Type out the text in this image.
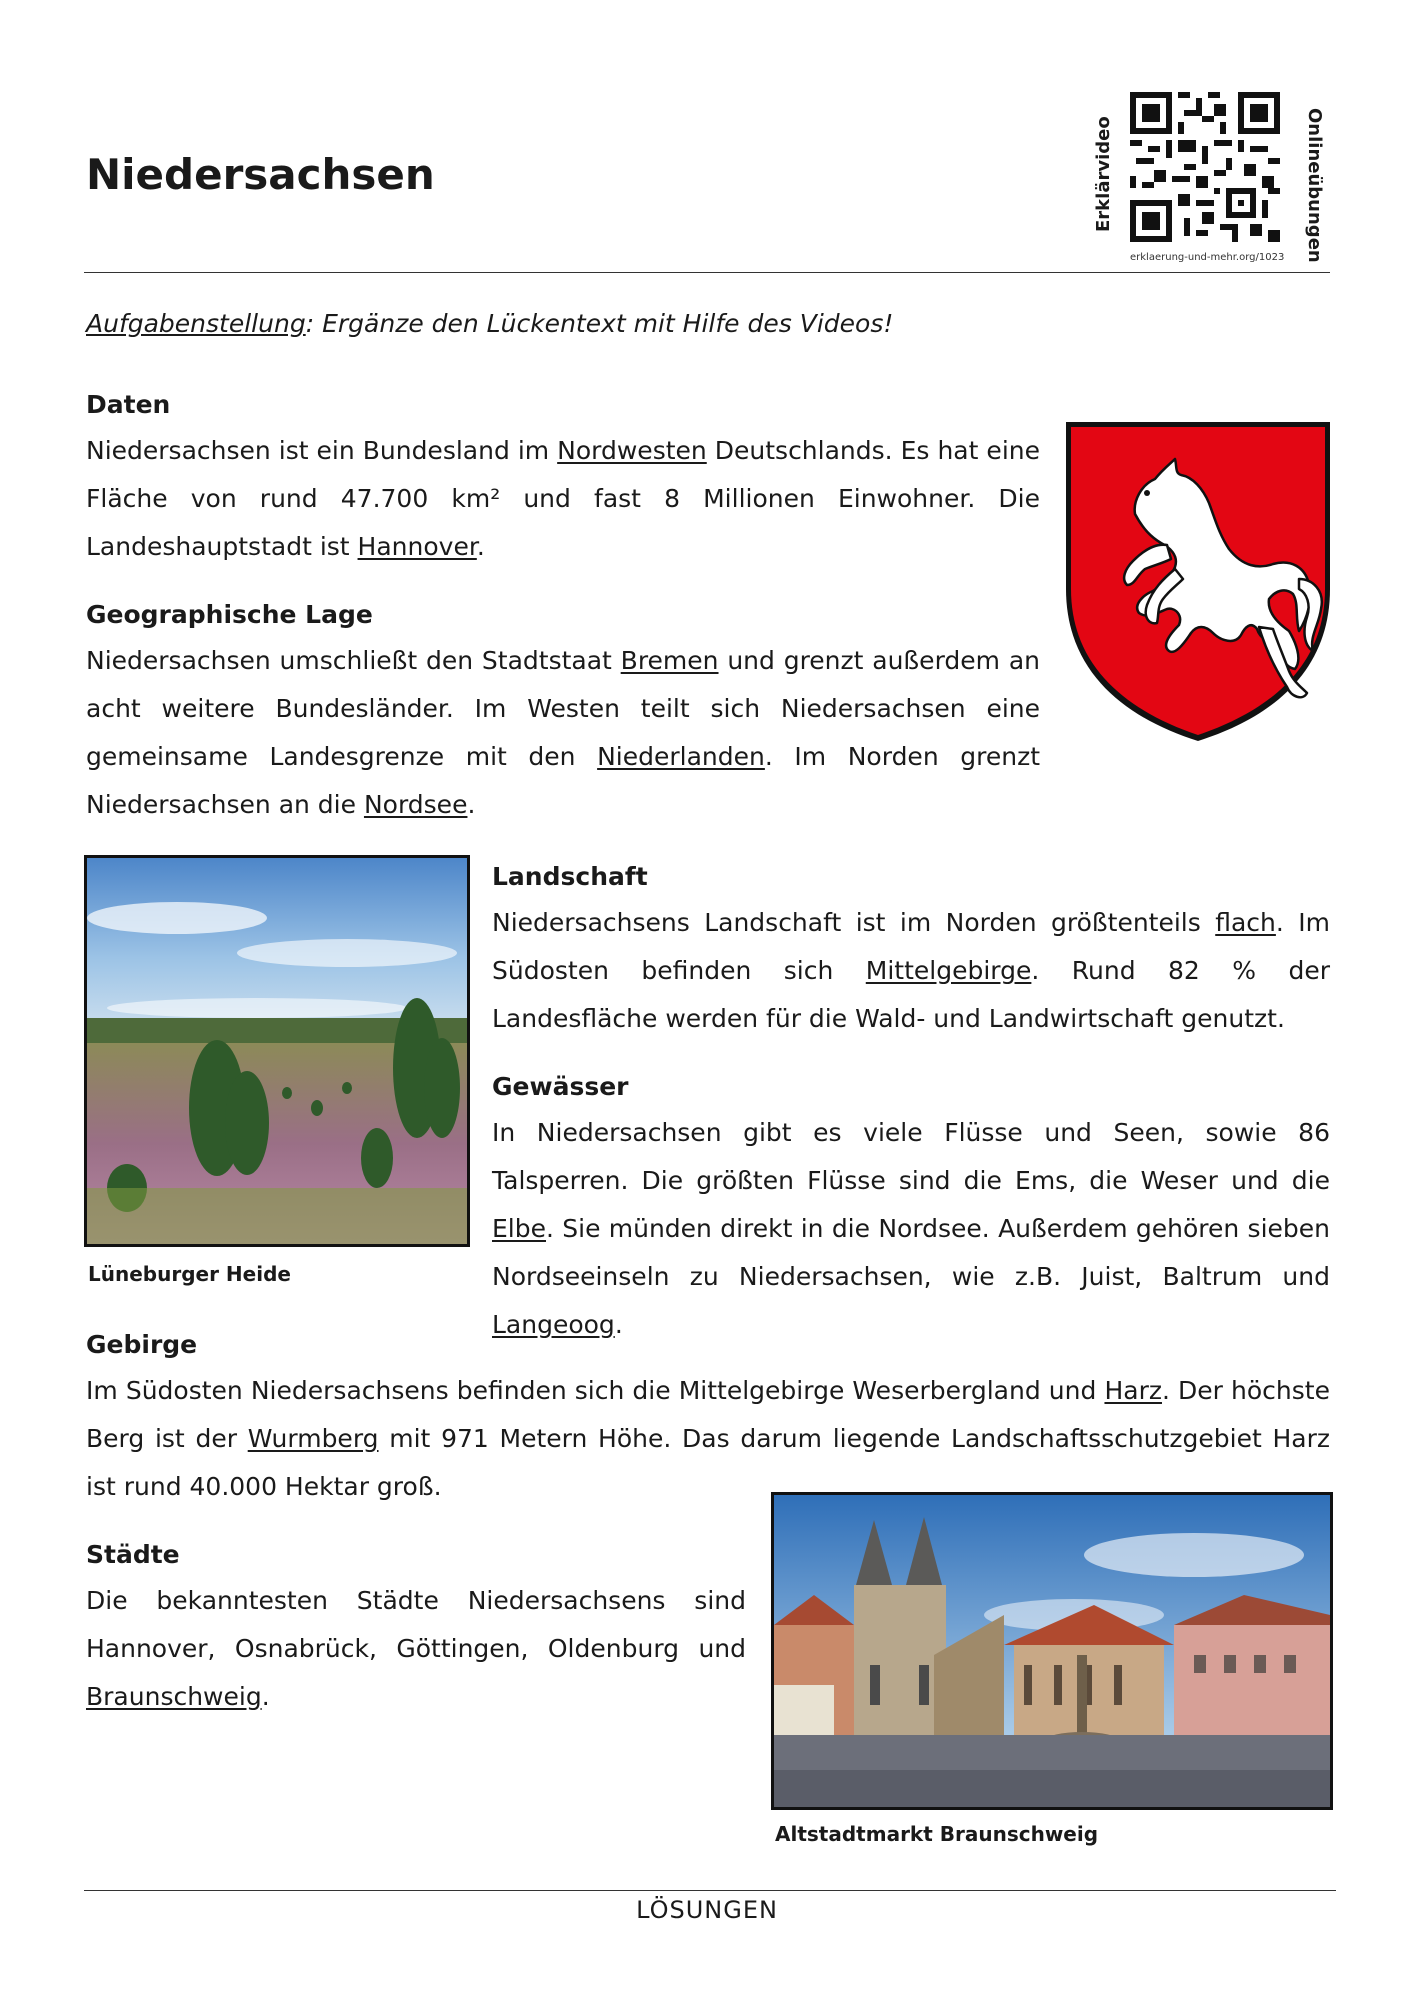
Niedersachsen	Erklärvideo	Onlineübungen
erklaerung-und-mehr.org/1023
Aufgabenstellung: Ergänze den Lückentext mit Hilfe des Videos!
Daten
Niedersachsen ist ein Bundesland im Nordwesten Deutschlands. Es hat eine Fläche von rund 47.700 km² und fast 8 Millionen Einwohner. Die Landeshauptstadt ist Hannover.
Geographische Lage
Niedersachsen umschließt den Stadtstaat Bremen und grenzt außerdem an acht weitere Bundesländer. Im Westen teilt sich Niedersachsen eine gemeinsame Landesgrenze mit den Niederlanden. Im Norden grenzt Niedersachsen an die Nordsee.
Lüneburger Heide
Landschaft
Niedersachsens Landschaft ist im Norden größtenteils flach. Im Südosten befinden sich Mittelgebirge. Rund 82 % der Landesfläche werden für die Wald- und Landwirtschaft genutzt.
Gewässer
In Niedersachsen gibt es viele Flüsse und Seen, sowie 86 Talsperren. Die größten Flüsse sind die Ems, die Weser und die Elbe. Sie münden direkt in die Nordsee. Außerdem gehören sieben Nordseeinseln zu Niedersachsen, wie z.B. Juist, Baltrum und Langeoog.
Gebirge
Im Südosten Niedersachsens befinden sich die Mittelgebirge Weserbergland und Harz. Der höchste Berg ist der Wurmberg mit 971 Metern Höhe. Das darum liegende Landschaftsschutzgebiet Harz ist rund 40.000 Hektar groß.
Städte
Die bekanntesten Städte Niedersachsens sind Hannover, Osnabrück, Göttingen, Oldenburg und Braunschweig.
Altstadtmarkt Braunschweig
LÖSUNGEN
